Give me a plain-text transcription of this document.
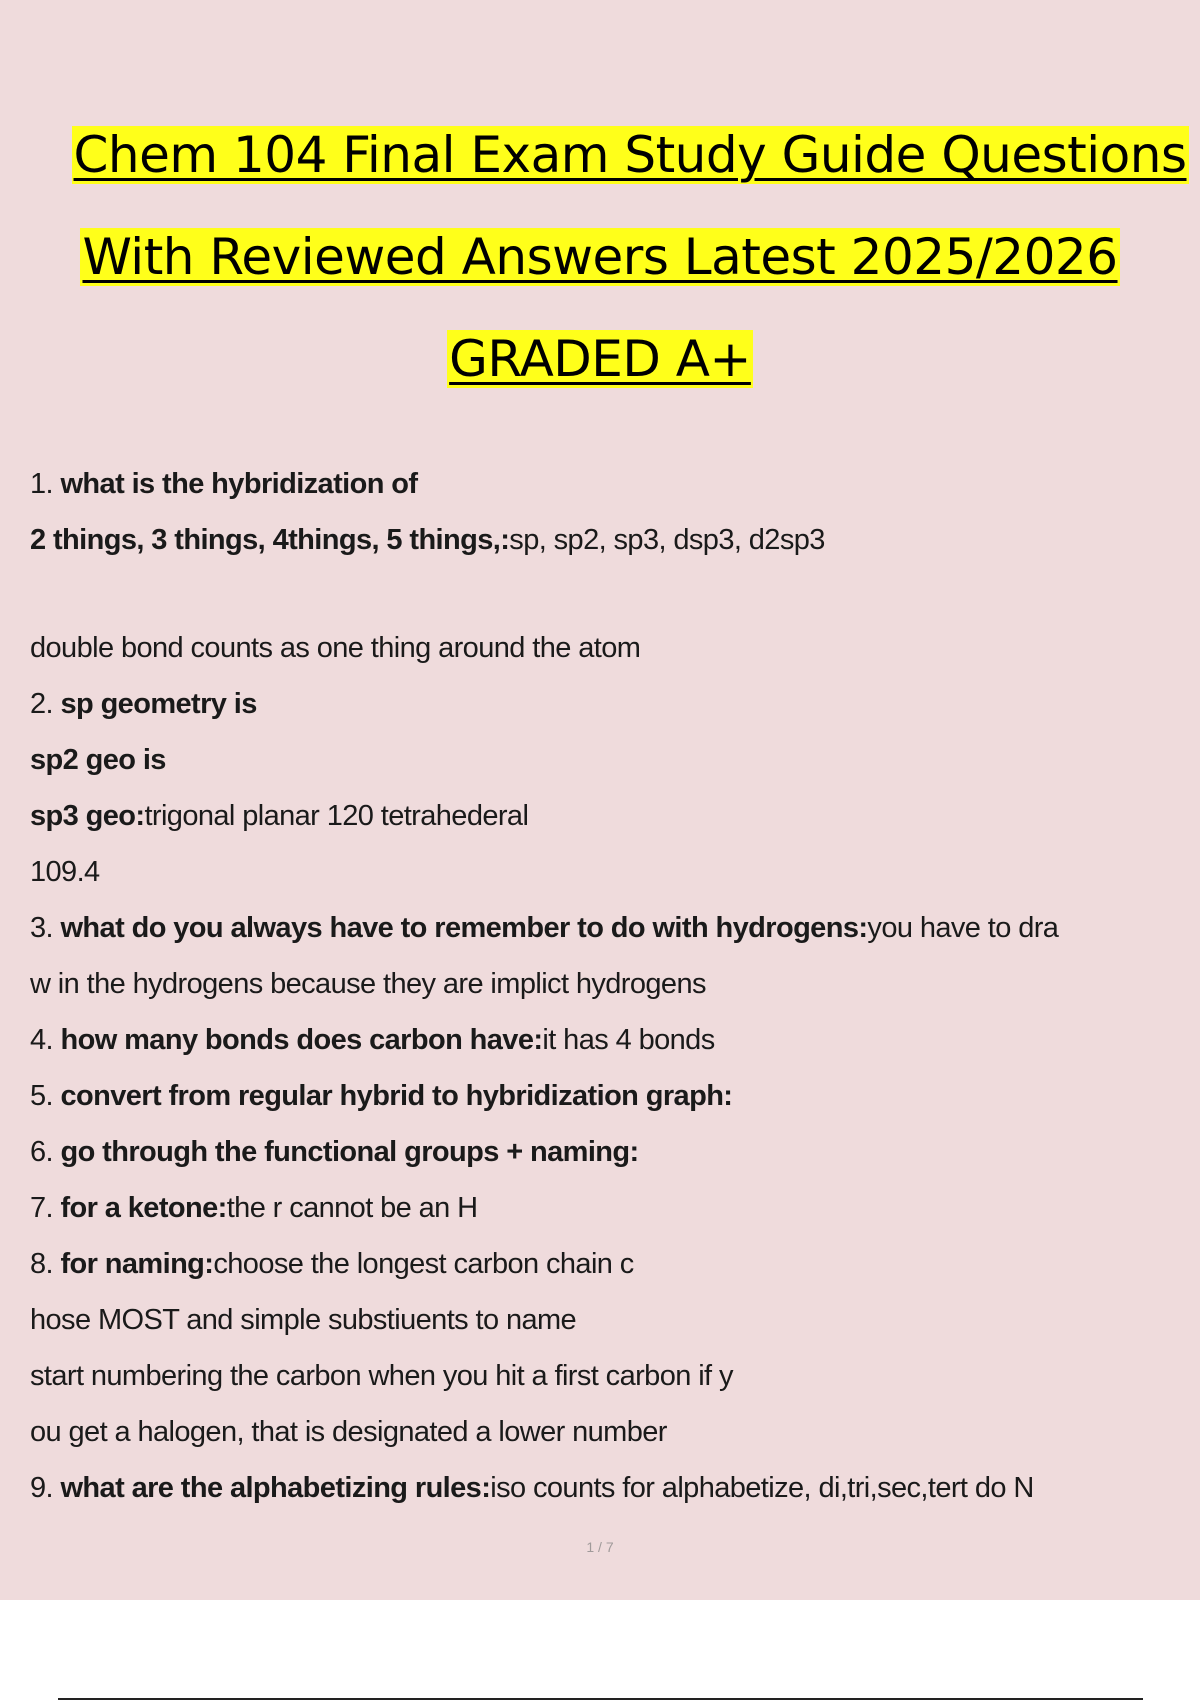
Chem 104 Final Exam Study Guide Questions
With Reviewed Answers Latest 2025/2026
GRADED A+
1. what is the hybridization of
2 things, 3 things, 4things, 5 things,:sp, sp2, sp3, dsp3, d2sp3
double bond counts as one thing around the atom
2. sp geometry is
sp2 geo is
sp3 geo:trigonal planar 120 tetrahederal
109.4
3. what do you always have to remember to do with hydrogens:you have to dra
w in the hydrogens because they are implict hydrogens
4. how many bonds does carbon have:it has 4 bonds
5. convert from regular hybrid to hybridization graph:
6. go through the functional groups + naming:
7. for a ketone:the r cannot be an H
8. for naming:choose the longest carbon chain c
hose MOST and simple substiuents to name
start numbering the carbon when you hit a first carbon if y
ou get a halogen, that is designated a lower number
9. what are the alphabetizing rules:iso counts for alphabetize, di,tri,sec,tert do N
1 / 7
